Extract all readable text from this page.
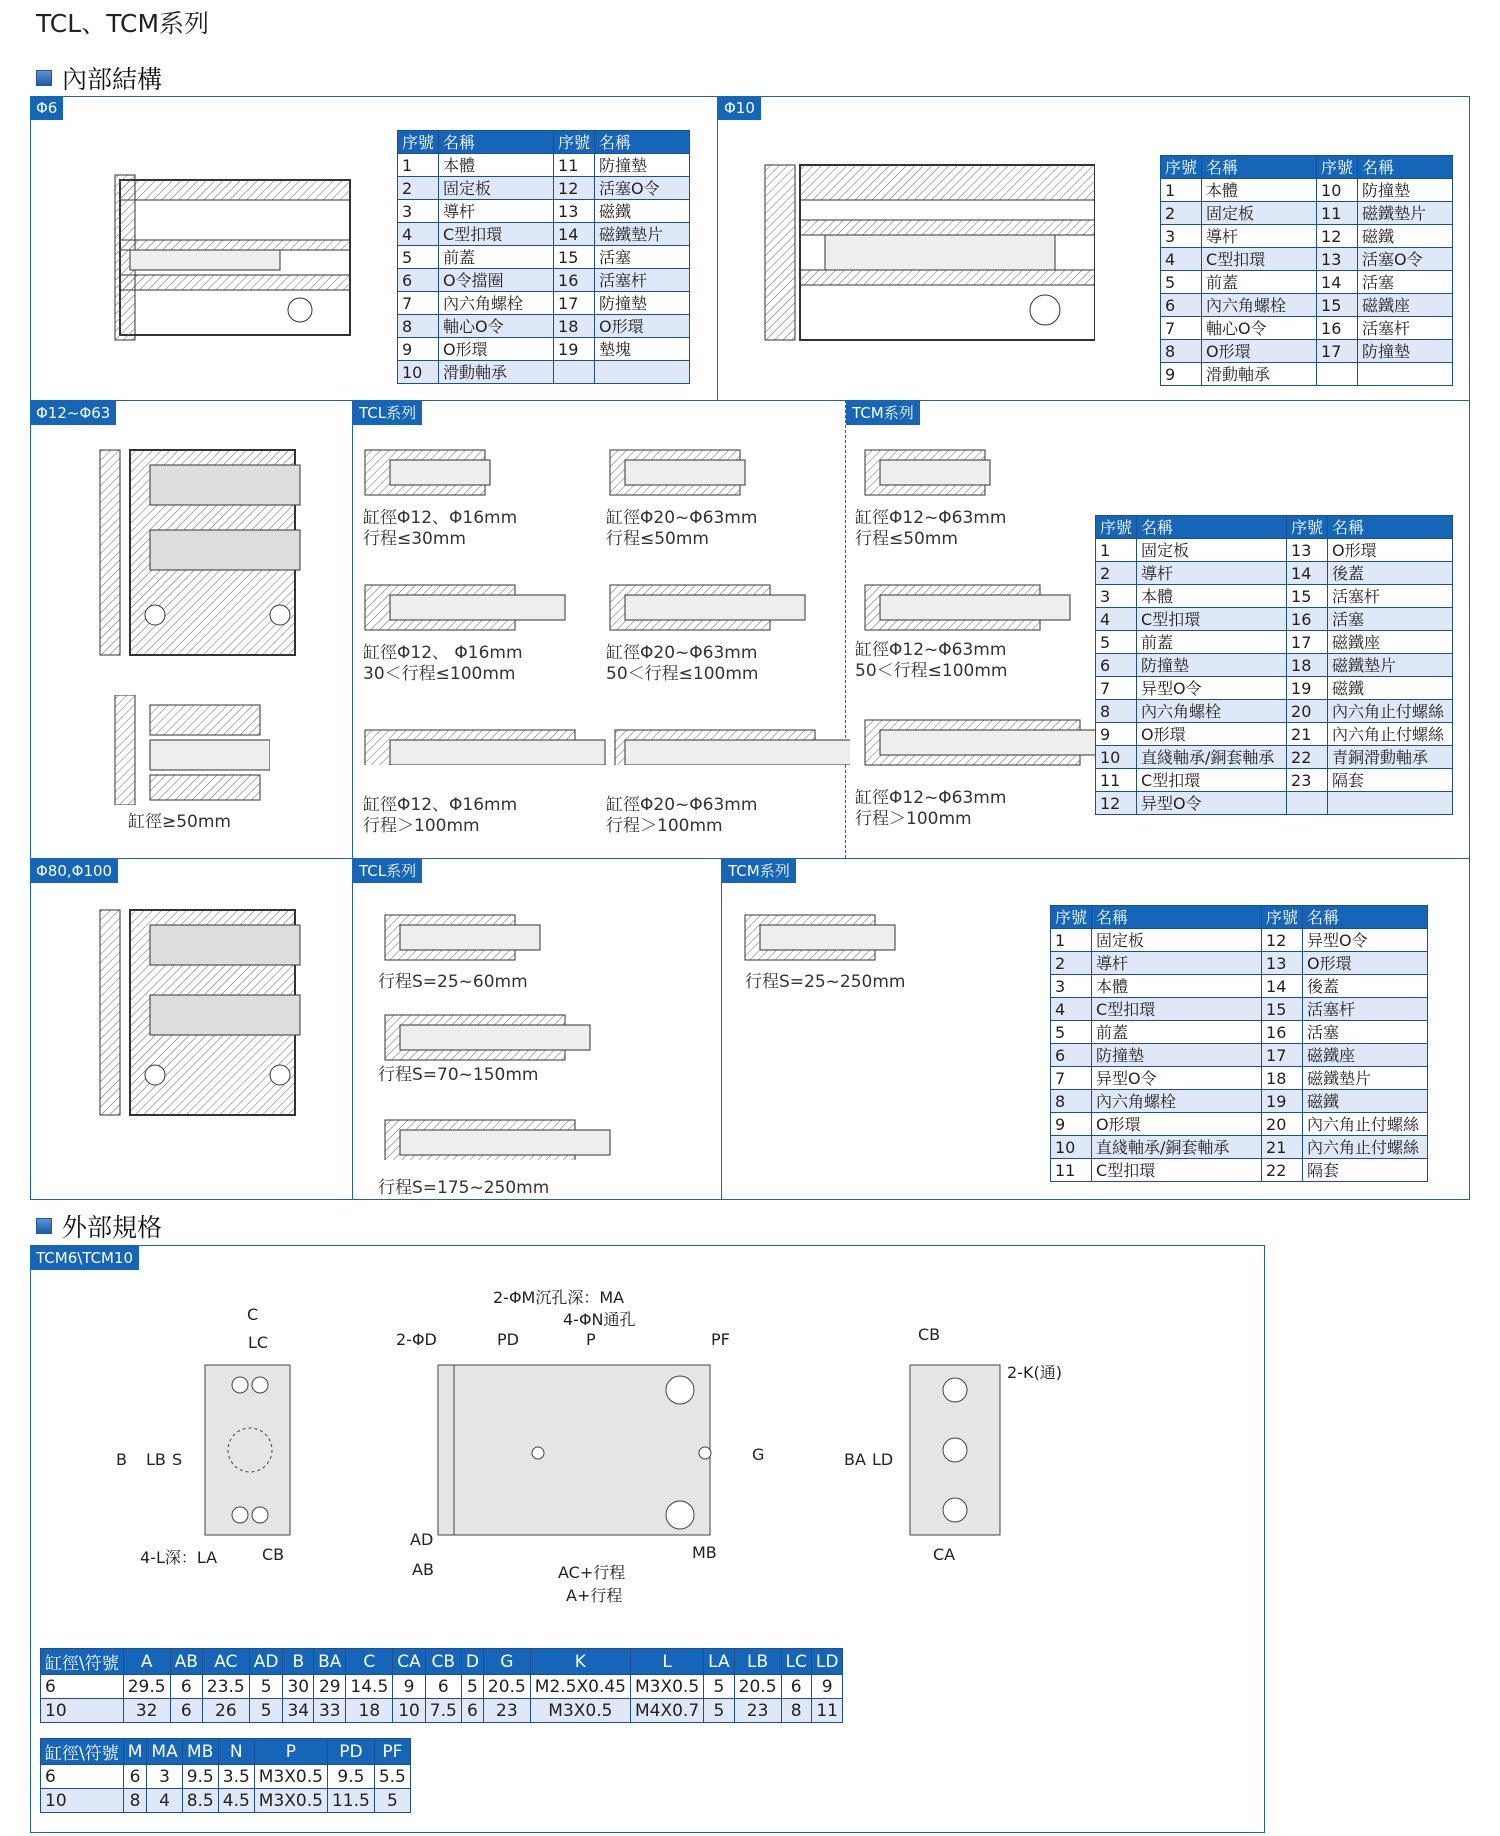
TCL、TCM系列
內部結構
Φ6	Φ10
Φ12~Φ63	TCL系列	TCM系列
Φ80,Φ100	TCL系列	TCM系列
序號	名稱	序號	名稱
1	本體	11	防撞墊
2	固定板	12	活塞O令
3	導杆	13	磁鐵
4	C型扣環	14	磁鐵墊片
5	前蓋	15	活塞
6	O令擋圈	16	活塞杆
7	內六角螺栓	17	防撞墊
8	軸心O令	18	O形環
9	O形環	19	墊塊
10	滑動軸承		
序號	名稱	序號	名稱
1	本體	10	防撞墊
2	固定板	11	磁鐵墊片
3	導杆	12	磁鐵
4	C型扣環	13	活塞O令
5	前蓋	14	活塞
6	內六角螺栓	15	磁鐵座
7	軸心O令	16	活塞杆
8	O形環	17	防撞墊
9	滑動軸承		
序號	名稱	序號	名稱
1	固定板	13	O形環
2	導杆	14	後蓋
3	本體	15	活塞杆
4	C型扣環	16	活塞
5	前蓋	17	磁鐵座
6	防撞墊	18	磁鐵墊片
7	异型O令	19	磁鐵
8	內六角螺栓	20	內六角止付螺絲
9	O形環	21	內六角止付螺絲
10	直綫軸承/銅套軸承	22	青銅滑動軸承
11	C型扣環	23	隔套
12	异型O令		
序號	名稱	序號	名稱
1	固定板	12	异型O令
2	導杆	13	O形環
3	本體	14	後蓋
4	C型扣環	15	活塞杆
5	前蓋	16	活塞
6	防撞墊	17	磁鐵座
7	异型O令	18	磁鐵墊片
8	內六角螺栓	19	磁鐵
9	O形環	20	內六角止付螺絲
10	直綫軸承/銅套軸承	21	內六角止付螺絲
11	C型扣環	22	隔套
缸徑≥50mm
缸徑Φ12、Φ16mm
行程≤30mm
缸徑Φ20~Φ63mm
行程≤50mm
缸徑Φ12、 Φ16mm
30＜行程≤100mm
缸徑Φ20~Φ63mm
50＜行程≤100mm
缸徑Φ12、Φ16mm
行程＞100mm
缸徑Φ20~Φ63mm
行程＞100mm
缸徑Φ12~Φ63mm
行程≤50mm
缸徑Φ12~Φ63mm
50＜行程≤100mm
缸徑Φ12~Φ63mm
行程＞100mm
行程S=25~60mm
行程S=70~150mm
行程S=175~250mm
行程S=25~250mm
外部規格
TCM6\TCM10
C
LC
B LB S
4-L深：LA	CB
2-ΦM沉孔深：MA
4-ΦN通孔
2-ΦD	PD	P	PF
G
AD
AB	AC+行程
A+行程
MB
CB
2-K(通)
BA LD
CA
缸徑\符號	A	AB	AC	AD	B	BA	C	CA	CB	D	G	K	L	LA	LB	LC	LD
6	29.5	6	23.5	5	30	29	14.5	9	6	5	20.5	M2.5X0.45	M3X0.5	5	20.5	6	9
10	32	6	26	5	34	33	18	10	7.5	6	23	M3X0.5	M4X0.7	5	23	8	11
缸徑\符號	M	MA	MB	N	P	PD	PF
6	6	3	9.5	3.5	M3X0.5	9.5	5.5
10	8	4	8.5	4.5	M3X0.5	11.5	5
